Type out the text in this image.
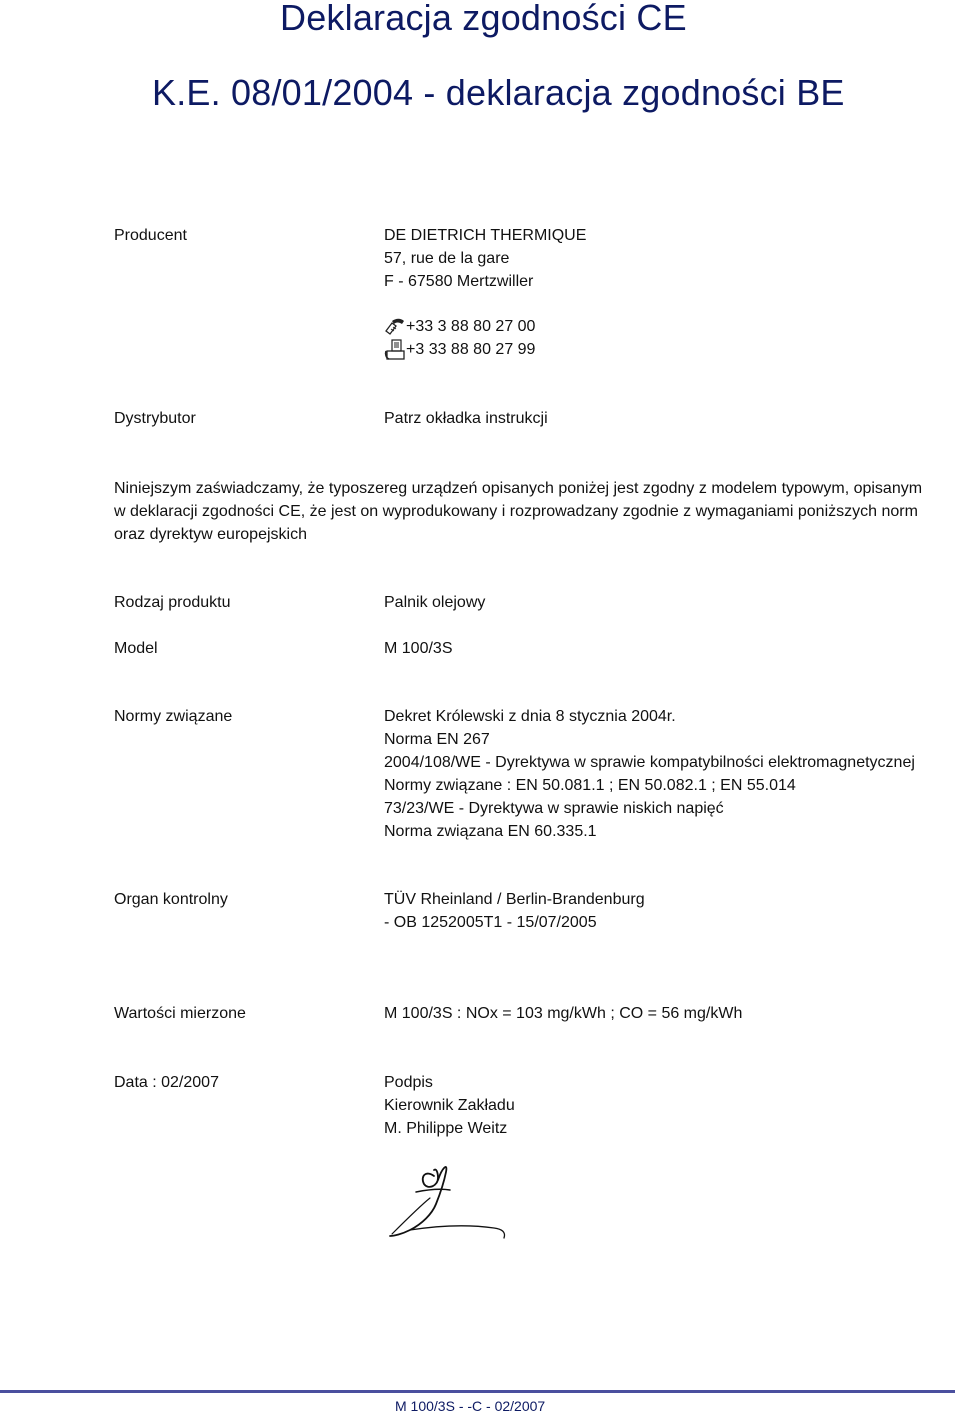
Deklaracja zgodności CE
K.E. 08/01/2004 - deklaracja zgodności BE
Producent	DE DIETRICH THERMIQUE
57, rue de la gare
F - 67580 Mertzwiller
+33 3 88 80 27 00
+3 33 88 80 27 99
Dystrybutor	Patrz okładka instrukcji
Niniejszym zaświadczamy, że typoszereg urządzeń opisanych poniżej jest zgodny z modelem typowym, opisanym w deklaracji zgodności CE, że jest on wyprodukowany i rozprowadzany zgodnie z wymaganiami poniższych norm oraz dyrektyw europejskich
Rodzaj produktu	Palnik olejowy
Model	M 100/3S
Normy związane	Dekret Królewski z dnia 8 stycznia 2004r.
Norma EN 267
2004/108/WE - Dyrektywa w sprawie kompatybilności elektromagnetycznej
Normy związane : EN 50.081.1 ; EN 50.082.1 ; EN 55.014
73/23/WE - Dyrektywa w sprawie niskich napięć
Norma związana EN 60.335.1
Organ kontrolny	TÜV Rheinland / Berlin-Brandenburg
- OB 1252005T1 - 15/07/2005
Wartości mierzone	M 100/3S : NOx = 103 mg/kWh ; CO = 56 mg/kWh
Data : 02/2007	Podpis
Kierownik Zakładu
M. Philippe Weitz
M 100/3S - -C - 02/2007
